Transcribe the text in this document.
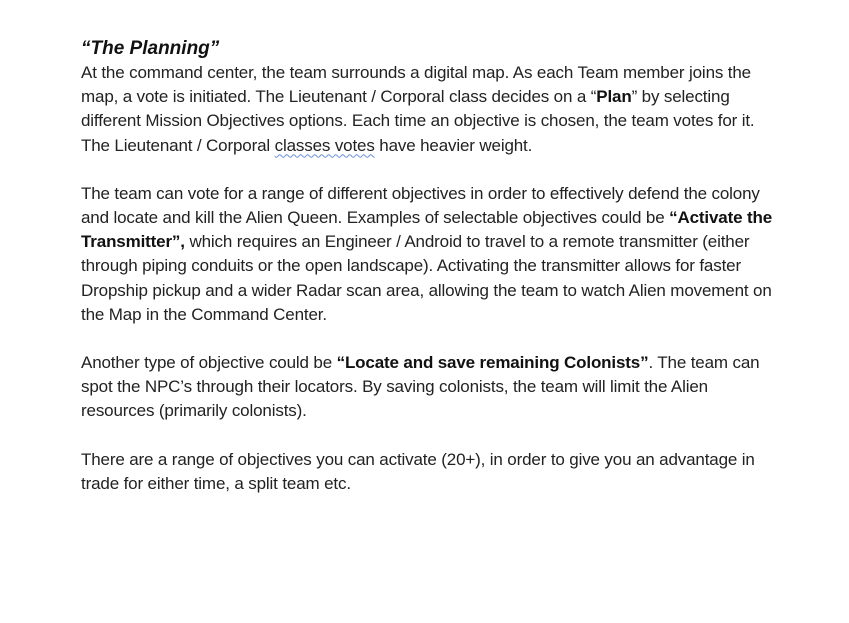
“The Planning”

At the command center, the team surrounds a digital map. As each Team member joins the map, a vote is initiated. The Lieutenant / Corporal class decides on a “Plan” by selecting different Mission Objectives options. Each time an objective is chosen, the team votes for it. The Lieutenant / Corporal classes votes have heavier weight.

The team can vote for a range of different objectives in order to effectively defend the colony and locate and kill the Alien Queen. Examples of selectable objectives could be “Activate the Transmitter”, which requires an Engineer / Android to travel to a remote transmitter (either through piping conduits or the open landscape). Activating the transmitter allows for faster Dropship pickup and a wider Radar scan area, allowing the team to watch Alien movement on the Map in the Command Center.

Another type of objective could be “Locate and save remaining Colonists”. The team can spot the NPC’s through their locators. By saving colonists, the team will limit the Alien resources (primarily colonists).

There are a range of objectives you can activate (20+), in order to give you an advantage in trade for either time, a split team etc.
